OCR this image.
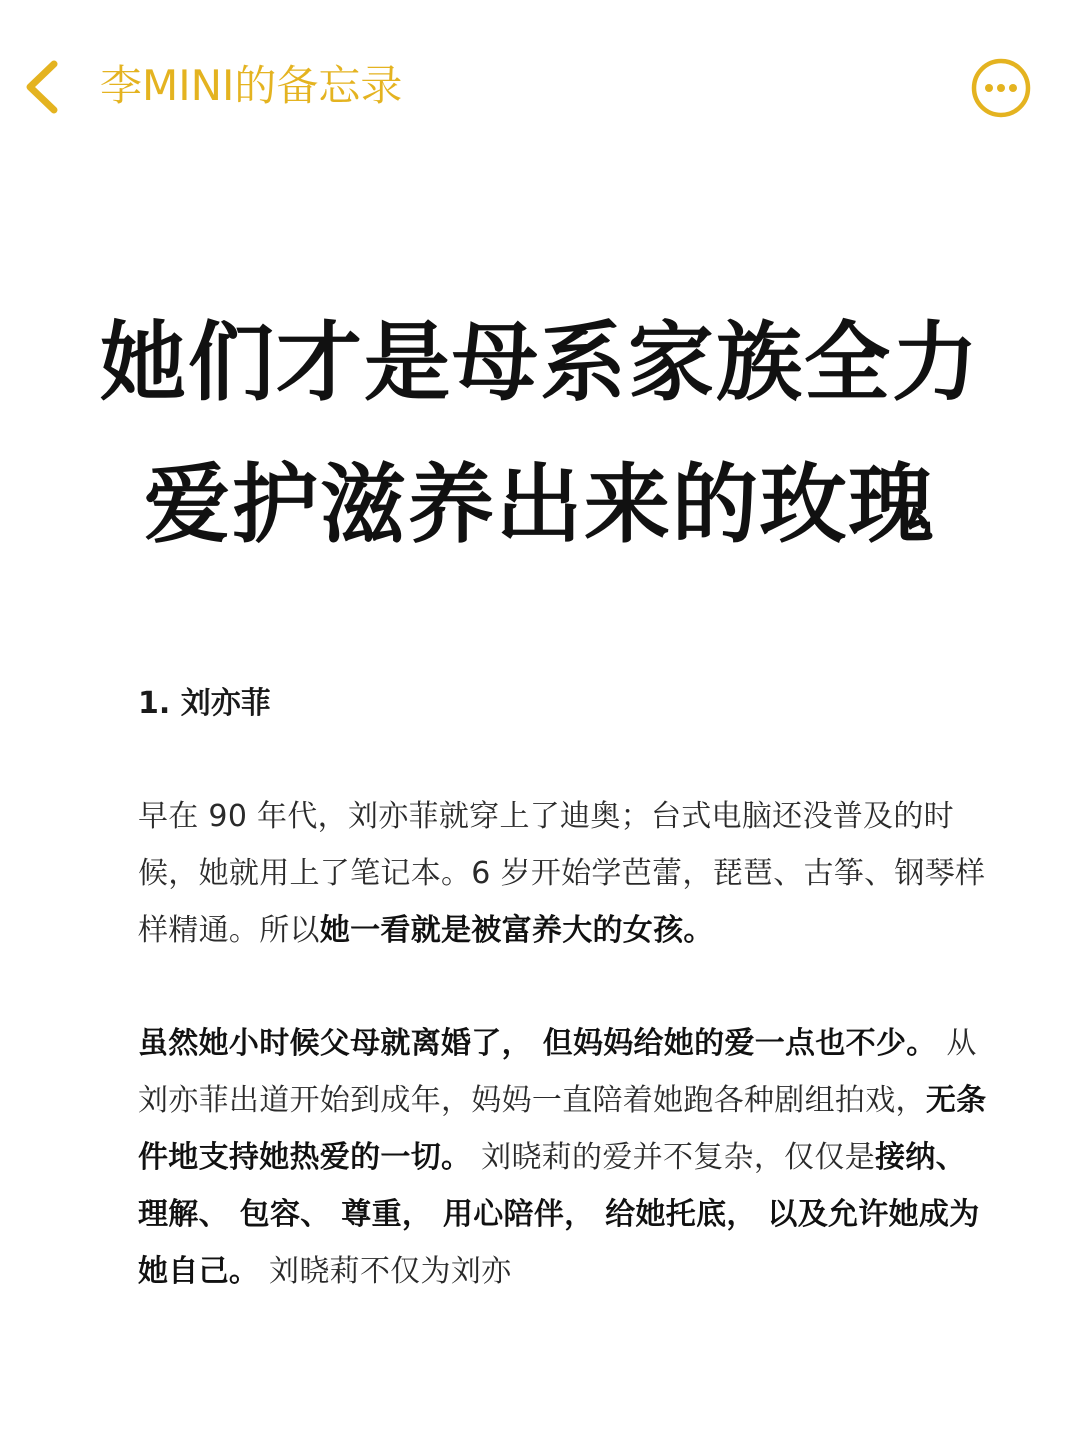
李MINI的备忘录
她们才是母系家族全力
爱护滋养出来的玫瑰
1. 刘亦菲

早在 90 年代，刘亦菲就穿上了迪奥；台式电脑还没普及的时候，她就用上了笔记本。6 岁开始学芭蕾，琵琶、古筝、钢琴样样精通。所以她一看就是被富养大的女孩。

虽然她小时候父母就离婚了， 但妈妈给她的爱一点也不少。 从刘亦菲出道开始到成年，妈妈一直陪着她跑各种剧组拍戏，无条件地支持她热爱的一切。 刘晓莉的爱并不复杂，仅仅是接纳、 理解、 包容、 尊重， 用心陪伴， 给她托底， 以及允许她成为她自己。 刘晓莉不仅为刘亦
